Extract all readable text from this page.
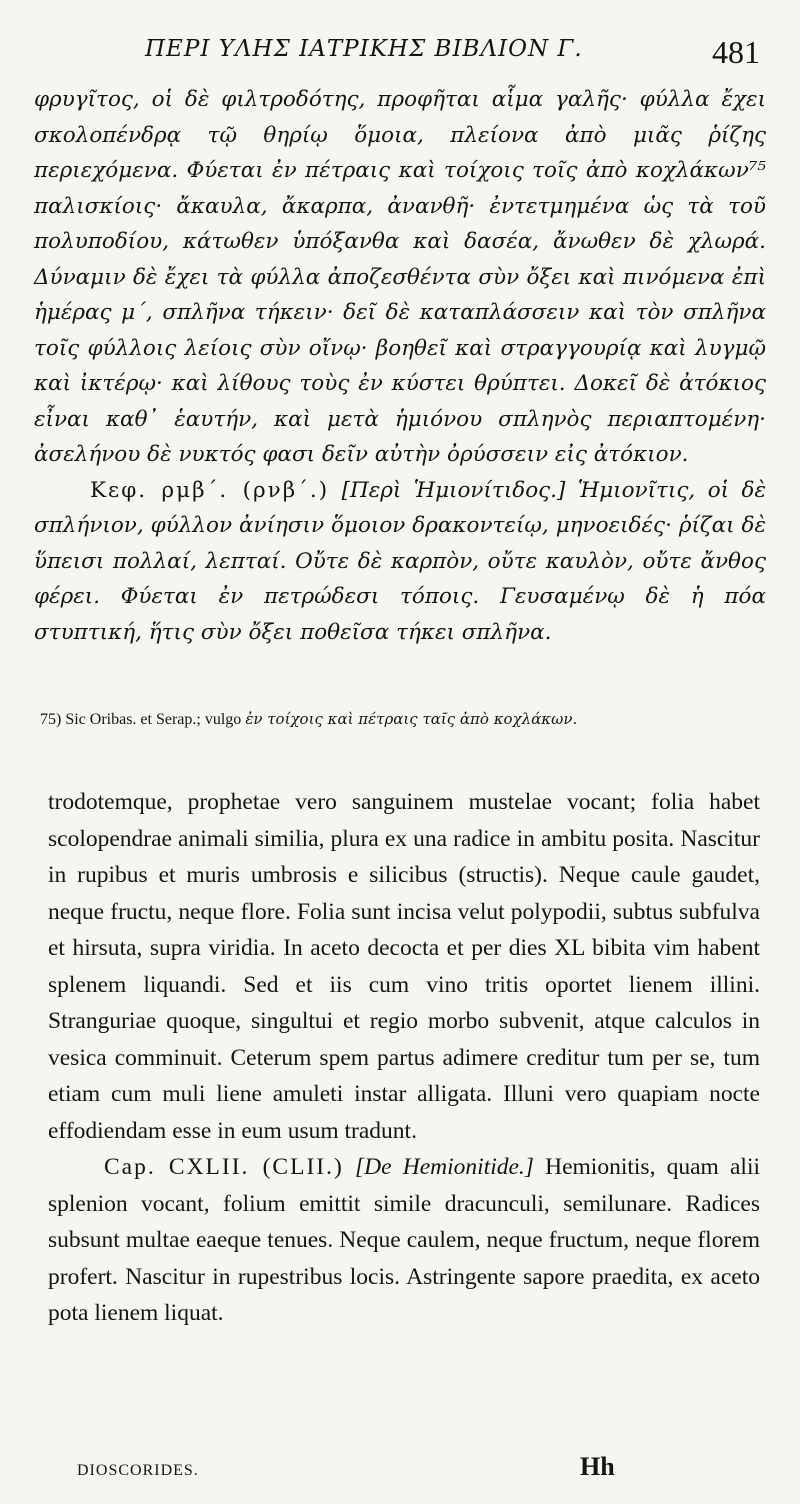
ΠΕΡΙ ΥΛΗΣ ΙΑΤΡΙΚΗΣ ΒΙΒΛΙΟΝ Γ.	481
φρυγῖτος, οἱ δὲ φιλτροδότης, προφῆται αἷμα γαλῆς· φύλλα ἔχει σκολοπένδρᾳ τῷ θηρίῳ ὅμοια, πλείονα ἀπὸ μιᾶς ῥίζης περιεχόμενα. Φύεται ἐν πέτραις καὶ τοίχοις τοῖς ἀπὸ κοχλάκων⁷⁵ παλισκίοις· ἄκαυλα, ἄκαρπα, ἀνανθῆ· ἐντετμημένα ὡς τὰ τοῦ πολυποδίου, κάτωθεν ὑπόξανθα καὶ δασέα, ἄνωθεν δὲ χλωρά. Δύναμιν δὲ ἔχει τὰ φύλλα ἀποζεσθέντα σὺν ὄξει καὶ πινόμενα ἐπὶ ἡμέρας μ΄, σπλῆνα τήκειν· δεῖ δὲ καταπλάσσειν καὶ τὸν σπλῆνα τοῖς φύλλοις λείοις σὺν οἴνῳ· βοηθεῖ καὶ στραγγουρίᾳ καὶ λυγμῷ καὶ ἰκτέρῳ· καὶ λίθους τοὺς ἐν κύστει θρύπτει. Δοκεῖ δὲ ἀτόκιος εἶναι καθ᾽ ἑαυτήν, καὶ μετὰ ἡμιόνου σπληνὸς περιαπτομένη· ἀσελήνου δὲ νυκτός φασι δεῖν αὐτὴν ὀρύσσειν εἰς ἀτόκιον.
Κεφ. ρμβ΄. (ρνβ΄.) [Περὶ Ἡμιονίτιδος.] Ἡμιονῖτις, οἱ δὲ σπλήνιον, φύλλον ἀνίησιν ὅμοιον δρακοντείῳ, μηνοειδές· ῥίζαι δὲ ὕπεισι πολλαί, λεπταί. Οὔτε δὲ καρπὸν, οὔτε καυλὸν, οὔτε ἄνθος φέρει. Φύεται ἐν πετρώδεσι τόποις. Γευσαμένῳ δὲ ἡ πόα στυπτική, ἥτις σὺν ὄξει ποθεῖσα τήκει σπλῆνα.
75) Sic Oribas. et Serap.; vulgo ἐν τοίχοις καὶ πέτραις ταῖς ἀπὸ κοχλάκων.
trodotemque, prophetae vero sanguinem mustelae vocant; folia habet scolopendrae animali similia, plura ex una radice in ambitu posita. Nascitur in rupibus et muris umbrosis e silicibus (structis). Neque caule gaudet, neque fructu, neque flore. Folia sunt incisa velut polypodii, subtus subfulva et hirsuta, supra viridia. In aceto decocta et per dies XL bibita vim habent splenem liquandi. Sed et iis cum vino tritis oportet lienem illini. Stranguriae quoque, singultui et regio morbo subvenit, atque calculos in vesica comminuit. Ceterum spem partus adimere creditur tum per se, tum etiam cum muli liene amuleti instar alligata. Illuni vero quapiam nocte effodiendam esse in eum usum tradunt.
Cap. CXLII. (CLII.) [De Hemionitide.] Hemionitis, quam alii splenion vocant, folium emittit simile dracunculi, semilunare. Radices subsunt multae eaeque tenues. Neque caulem, neque fructum, neque florem profert. Nascitur in rupestribus locis. Astringente sapore praedita, ex aceto pota lienem liquat.
DIOSCORIDES.	Hh
